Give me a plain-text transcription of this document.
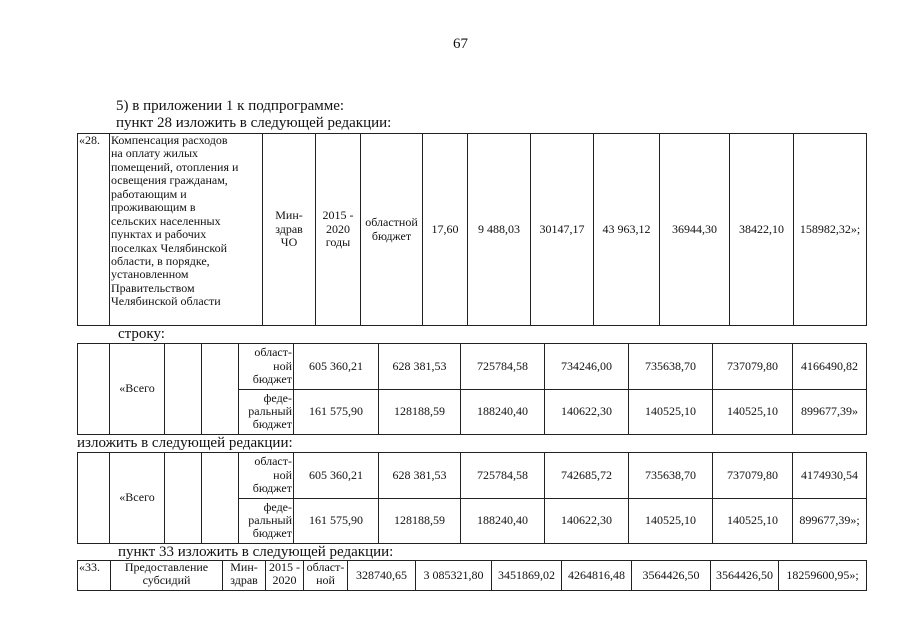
67
5) в приложении 1 к подпрограмме:
пункт 28 изложить в следующей редакции:
«28.	Компенсация расходов
на оплату жилых
помещений, отопления и
освещения гражданам,
работающим и
проживающим в
сельских населенных
пунктах и рабочих
поселках Челябинской
области, в порядке,
установленном
Правительством
Челябинской области	Мин-
здрав
ЧО	2015 -
2020
годы	областной
бюджет	17,60	9 488,03	30147,17	43 963,12	36944,30	38422,10	158982,32»;
строку:
	«Всего			област-
ной
бюджет	605 360,21	628 381,53	725784,58	734246,00	735638,70	737079,80	4166490,82
				феде-
ральный
бюджет	161 575,90	128188,59	188240,40	140622,30	140525,10	140525,10	899677,39»
изложить в следующей редакции:
	«Всего			област-
ной
бюджет	605 360,21	628 381,53	725784,58	742685,72	735638,70	737079,80	4174930,54
				феде-
ральный
бюджет	161 575,90	128188,59	188240,40	140622,30	140525,10	140525,10	899677,39»;
пункт 33 изложить в следующей редакции:
«33.	Предоставление
субсидий	Мин-
здрав	2015 -
2020	област-
ной	328740,65	3 085321,80	3451869,02	4264816,48	3564426,50	3564426,50	18259600,95»;
